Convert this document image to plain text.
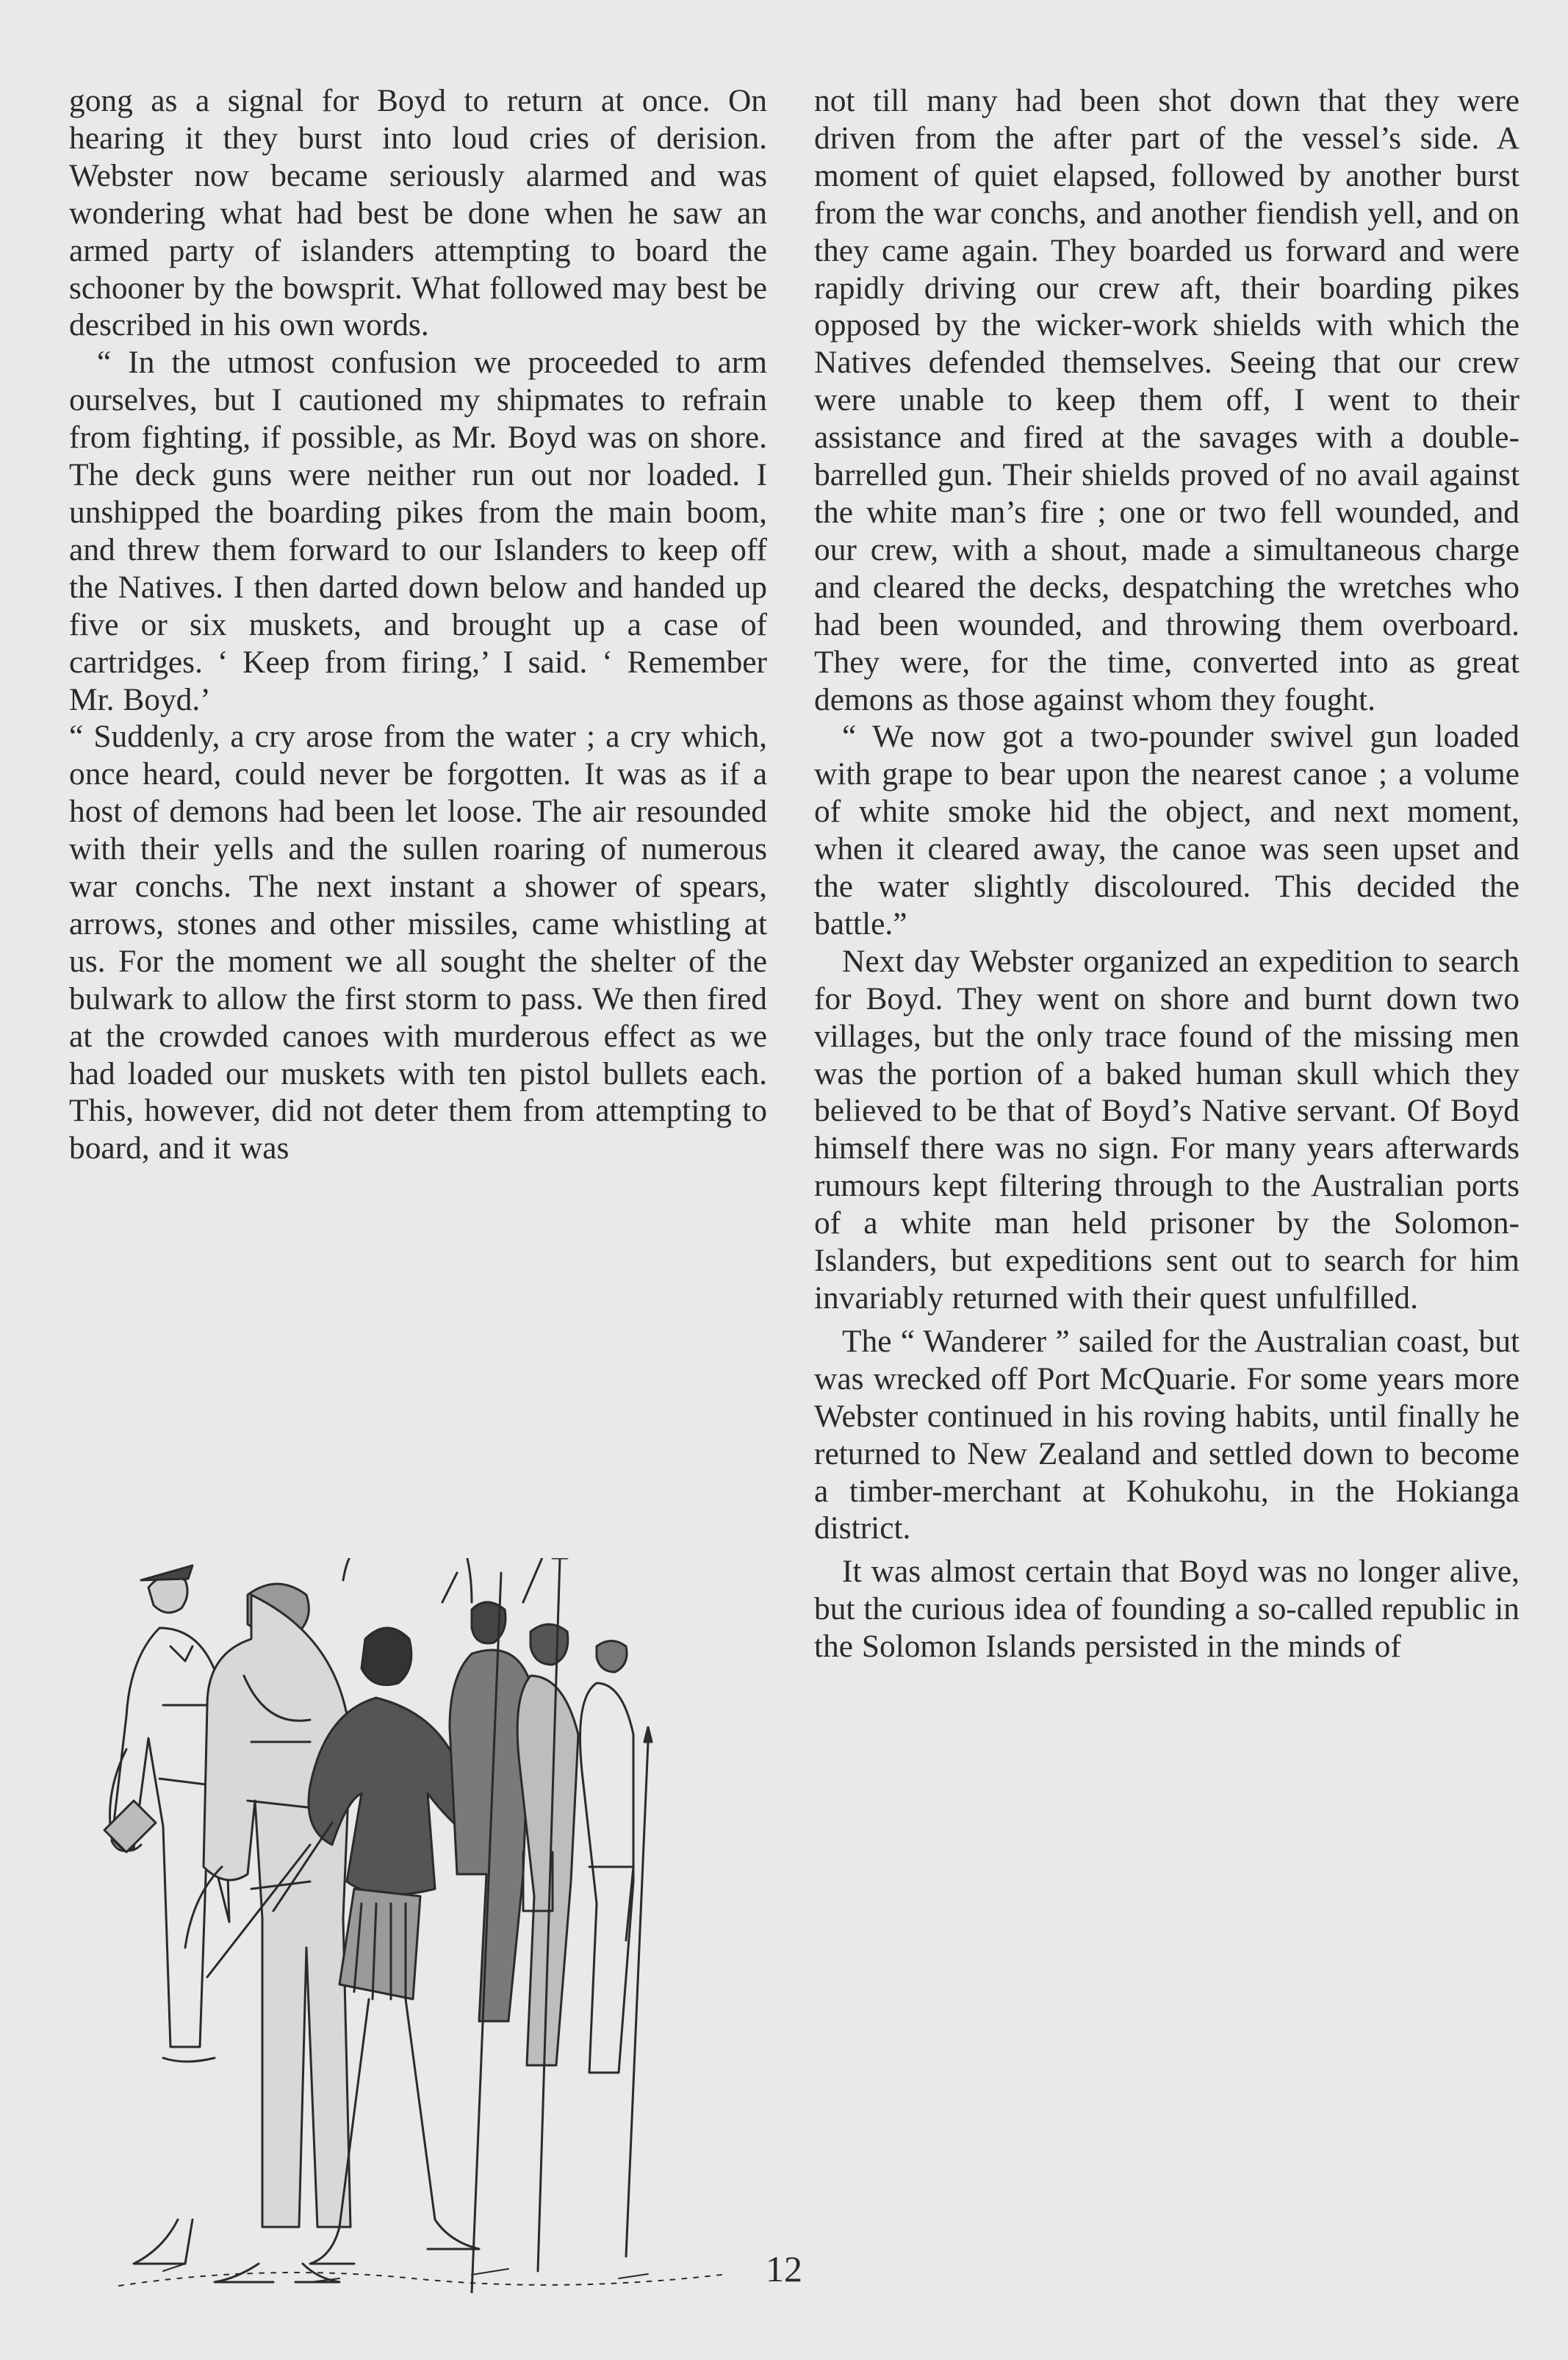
gong as a signal for Boyd to return at once. On hearing it they burst into loud cries of derision. Webster now became seriously alarmed and was wondering what had best be done when he saw an armed party of islanders attempting to board the schooner by the bowsprit. What followed may best be described in his own words.

“ In the utmost confusion we proceeded to arm ourselves, but I cautioned my shipmates to refrain from fighting, if possible, as Mr. Boyd was on shore. The deck guns were neither run out nor loaded. I unshipped the boarding pikes from the main boom, and threw them forward to our Islanders to keep off the Natives. I then darted down below and handed up five or six muskets, and brought up a case of cartridges. ‘ Keep from firing,’ I said. ‘ Remember Mr. Boyd.’

“ Suddenly, a cry arose from the water ; a cry which, once heard, could never be forgotten. It was as if a host of demons had been let loose. The air resounded with their yells and the sullen roaring of numerous war conchs. The next instant a shower of spears, arrows, stones and other missiles, came whistling at us. For the moment we all sought the shelter of the bulwark to allow the first storm to pass. We then fired at the crowded canoes with murderous effect as we had loaded our muskets with ten pistol bullets each. This, however, did not deter them from attempting to board, and it was

not till many had been shot down that they were driven from the after part of the vessel’s side. A moment of quiet elapsed, followed by another burst from the war conchs, and another fiendish yell, and on they came again. They boarded us forward and were rapidly driving our crew aft, their boarding pikes opposed by the wicker-work shields with which the Natives defended themselves. Seeing that our crew were unable to keep them off, I went to their assistance and fired at the savages with a double-barrelled gun. Their shields proved of no avail against the white man’s fire ; one or two fell wounded, and our crew, with a shout, made a simultaneous charge and cleared the decks, despatching the wretches who had been wounded, and throwing them overboard. They were, for the time, converted into as great demons as those against whom they fought.

“ We now got a two-pounder swivel gun loaded with grape to bear upon the nearest canoe ; a volume of white smoke hid the object, and next moment, when it cleared away, the canoe was seen upset and the water slightly discoloured. This decided the battle.”

Next day Webster organized an expedition to search for Boyd. They went on shore and burnt down two villages, but the only trace found of the missing men was the portion of a baked human skull which they believed to be that of Boyd’s Native servant. Of Boyd himself there was no sign. For many years afterwards rumours kept filtering through to the Australian ports of a white man held prisoner by the Solomon-Islanders, but expeditions sent out to search for him invariably returned with their quest unfulfilled.

The “ Wanderer ” sailed for the Australian coast, but was wrecked off Port McQuarie. For some years more Webster continued in his roving habits, until finally he returned to New Zealand and settled down to become a timber-merchant at Kohukohu, in the Hokianga district.

It was almost certain that Boyd was no longer alive, but the curious idea of founding a so-called republic in the Solomon Islands persisted in the minds of

12
